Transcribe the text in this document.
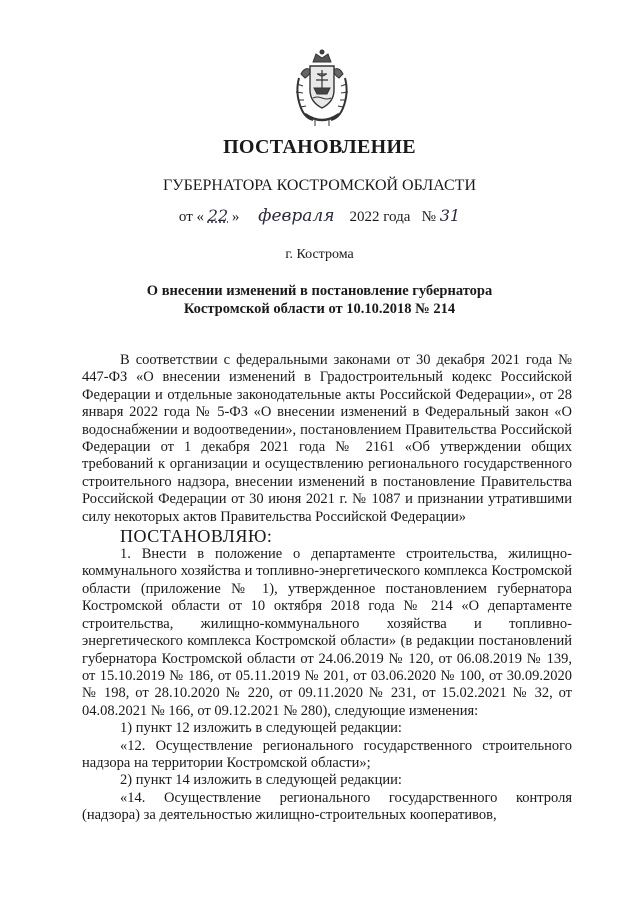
ПОСТАНОВЛЕНИЕ
ГУБЕРНАТОРА КОСТРОМСКОЙ ОБЛАСТИ
от « 22 » февраля 2022 года № 31
г. Кострома
О внесении изменений в постановление губернатора
Костромской области от 10.10.2018 № 214

В соответствии с федеральными законами от 30 декабря 2021 года № 447-ФЗ «О внесении изменений в Градостроительный кодекс Российской Федерации и отдельные законодательные акты Российской Федерации», от 28 января 2022 года № 5-ФЗ «О внесении изменений в Федеральный закон «О водоснабжении и водоотведении», постановлением Правительства Российской Федерации от 1 декабря 2021 года № 2161 «Об утверждении общих требований к организации и осуществлению регионального государственного строительного надзора, внесении изменений в постановление Правительства Российской Федерации от 30 июня 2021 г. № 1087 и признании утратившими силу некоторых актов Правительства Российской Федерации»

ПОСТАНОВЛЯЮ:

1. Внести в положение о департаменте строительства, жилищно-коммунального хозяйства и топливно-энергетического комплекса Костромской области (приложение № 1), утвержденное постановлением губернатора Костромской области от 10 октября 2018 года № 214 «О департаменте строительства, жилищно-коммунального хозяйства и топливно-энергетического комплекса Костромской области» (в редакции постановлений губернатора Костромской области от 24.06.2019 № 120, от 06.08.2019 № 139, от 15.10.2019 № 186, от 05.11.2019 № 201, от 03.06.2020 № 100, от 30.09.2020 № 198, от 28.10.2020 № 220, от 09.11.2020 № 231, от 15.02.2021 № 32, от 04.08.2021 № 166, от 09.12.2021 № 280), следующие изменения:

1) пункт 12 изложить в следующей редакции:

«12. Осуществление регионального государственного строительного надзора на территории Костромской области»;

2) пункт 14 изложить в следующей редакции:

«14. Осуществление регионального государственного контроля (надзора) за деятельностью жилищно-строительных кооперативов,
